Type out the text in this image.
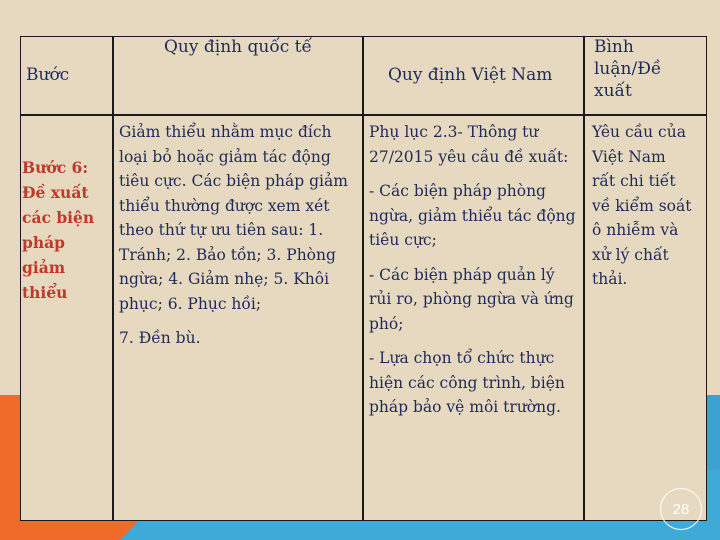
Quy định quốc tế
Bước	Quy định Việt Nam
Bình
luận/Đề
xuất
Bước 6:
Đề xuất
các biện
pháp giảm
thiểu
Giảm thiểu nhằm mục đích
loại bỏ hoặc giảm tác động
tiêu cực. Các biện pháp giảm
thiểu thường được xem xét
theo thứ tự ưu tiên sau: 1.
Tránh; 2. Bảo tồn; 3. Phòng
ngừa; 4. Giảm nhẹ; 5. Khôi
phục; 6. Phục hồi;
7. Đền bù.
Phụ lục 2.3- Thông tư
27/2015 yêu cầu đề xuất:
- Các biện pháp phòng
ngừa, giảm thiểu tác động
tiêu cực;
- Các biện pháp quản lý
rủi ro, phòng ngừa và ứng
phó;
- Lựa chọn tổ chức thực
hiện các công trình, biện
pháp bảo vệ môi trường.
Yêu cầu của
Việt Nam
rất chi tiết
về kiểm soát
ô nhiễm và
xử lý chất
thải.
28
